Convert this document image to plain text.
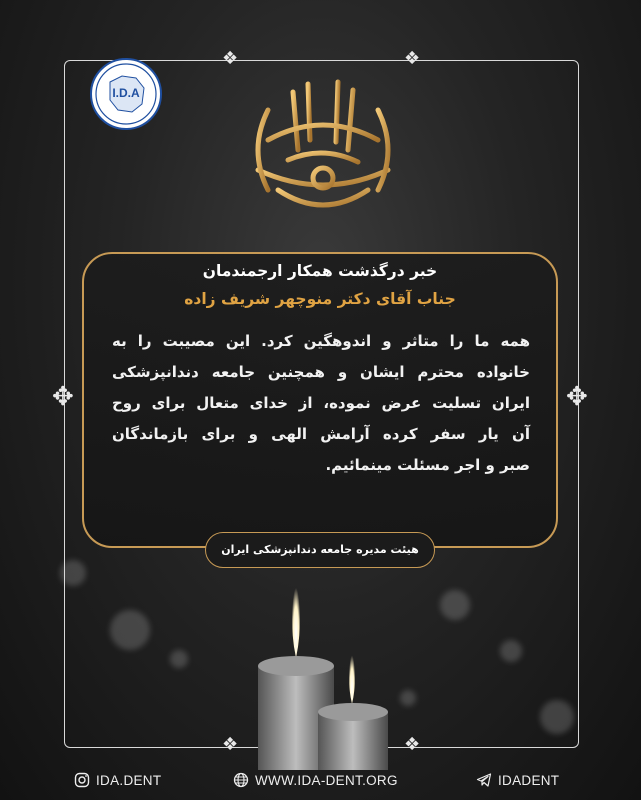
❖	❖
❖	❖
✥	✥
I.D.A
خبر درگذشت همکار ارجمندمان
جناب آقای دکتر منوچهر شریف زاده
همه ما را متاثر و اندوهگین کرد. این مصیبت را به
خانواده محترم ایشان و همچنین جامعه دندانپزشکی
ایران تسلیت عرض نموده، از خدای متعال برای روح
آن یار سفر کرده آرامش الهی و برای بازماندگان
صبر و اجر مسئلت مینمائیم.
هیئت مدیره جامعه دندانپزشکی ایران
IDA.DENT	WWW.IDA-DENT.ORG	IDADENT
